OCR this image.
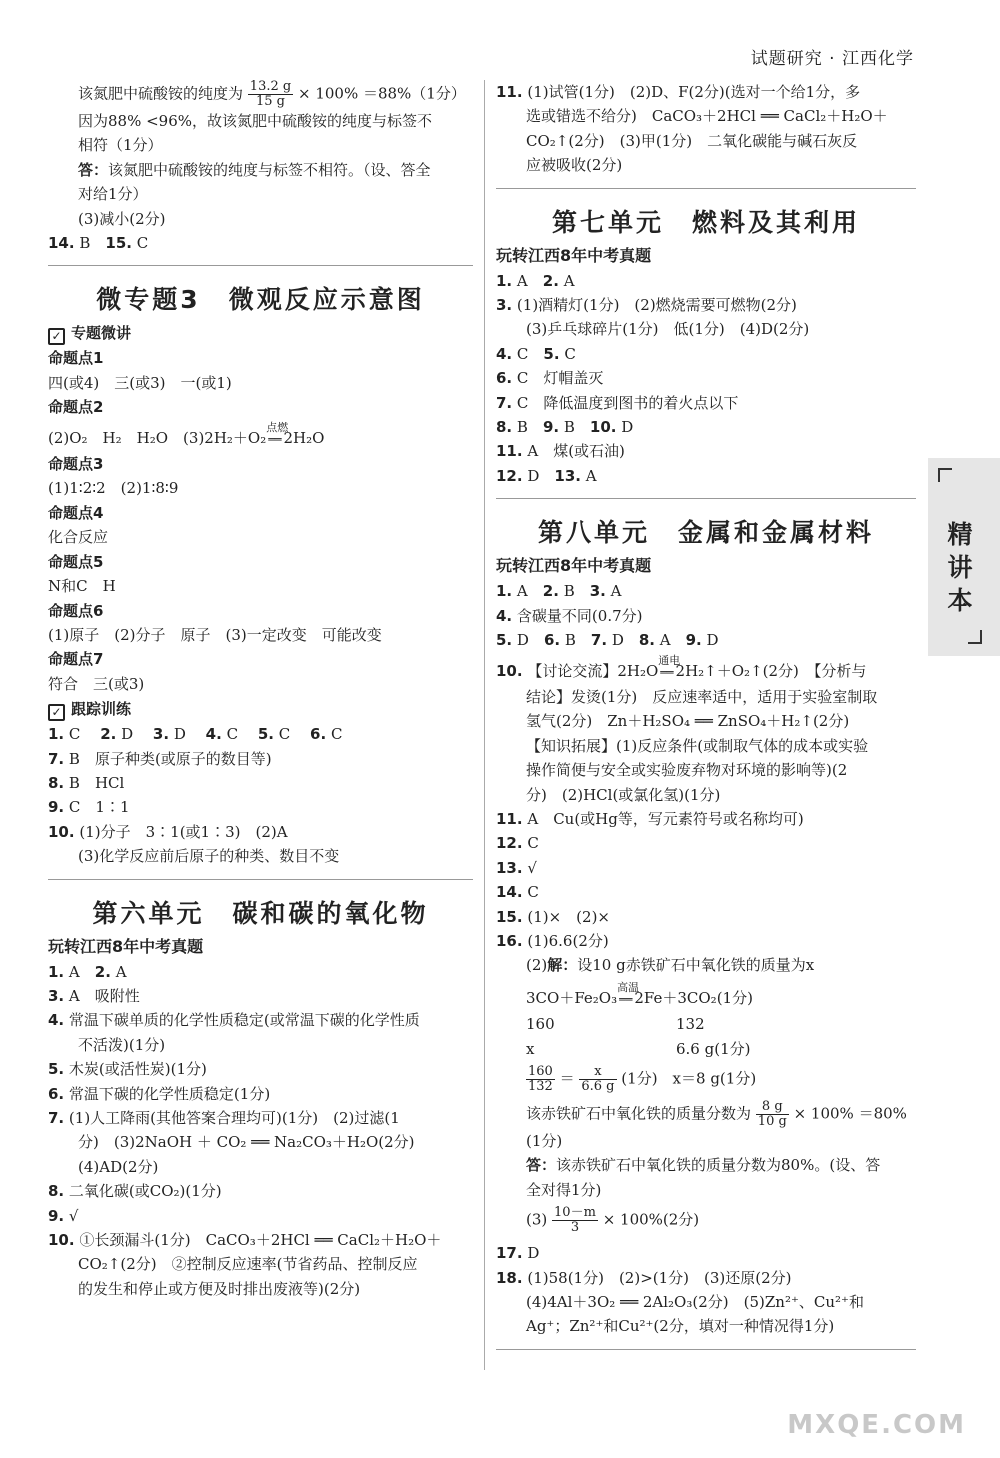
试题研究 · 江西化学
该氮肥中硫酸铵的纯度为 $\frac{13.2 g}{15 g} \times 100\% =88\%(1$分）
因为88% <96%，故该氮肥中硫酸铵的纯度与标签不
相符（1分）
答：该氮肥中硫酸铵的纯度与标签不相符。（设、答全
对给1分）
(3)减小(2分)
14. B　 15. C
微专题3　微观反应示意图
✓ 专题微讲
命题点1
四(或4)　三(或3)　一(或1)
命题点2
(2)O₂　H₂　H₂O　(3)2H₂＋O₂
点燃
══ 2H₂O
命题点3
(1)1∶2∶2　(2)1∶8∶9
命题点4
化合反应
命题点5
N和C　H
命题点6
(1)原子　(2)分子　原子　(3)一定改变　可能改变
命题点7
符合　三(或3)
✓ 跟踪训练
1. C　 2. D　 3. D　 4. C　 5. C　 6. C
7. B　原子种类(或原子的数目等)
8. B　HCl
9. C　1∶1
10. (1)分子　3∶1(或1∶3)　(2)A
(3)化学反应前后原子的种类、数目不变
第六单元　碳和碳的氧化物
玩转江西8年中考真题
1. A　2. A
3. A　吸附性
4. 常温下碳单质的化学性质稳定(或常温下碳的化学性质
不活泼)(1分)
5. 木炭(或活性炭)(1分)
6. 常温下碳的化学性质稳定(1分)
7. (1)人工降雨(其他答案合理均可)(1分)　(2)过滤(1
分)　(3)2NaOH ＋ CO₂ ══ Na₂CO₃＋H₂O(2分)
(4)AD(2分)
8. 二氧化碳(或CO₂)(1分)
9. √
10. ①长颈漏斗(1分)　CaCO₃＋2HCl ══ CaCl₂＋H₂O＋
CO₂↑(2分)　②控制反应速率(节省药品、控制反应
的发生和停止或方便及时排出废液等)(2分)
11. (1)试管(1分)　(2)D、F(2分)(选对一个给1分，多
选或错选不给分)　CaCO₃＋2HCl ══ CaCl₂＋H₂O＋
CO₂↑(2分)　(3)甲(1分)　二氧化碳能与碱石灰反
应被吸收(2分)
第七单元　燃料及其利用
玩转江西8年中考真题
1. A　2. A
3. (1)酒精灯(1分)　(2)燃烧需要可燃物(2分)
(3)乒乓球碎片(1分)　低(1分)　(4)D(2分)
4. C　5. C
6. C　灯帽盖灭
7. C　降低温度到图书的着火点以下
8. B　9. B　10. D
11. A　煤(或石油)
12. D　13. A
第八单元　金属和金属材料
玩转江西8年中考真题
1. A　2. B　3. A
4. 含碳量不同(0.7分)
5. D　6. B　7. D　8. A　9. D
10. 【讨论交流】2H₂O
通电
══ 2H₂↑＋O₂↑(2分)　【分析与
结论】发烫(1分)　反应速率适中，适用于实验室制取
氢气(2分)　Zn＋H₂SO₄ ══ ZnSO₄＋H₂↑(2分)
【知识拓展】(1)反应条件(或制取气体的成本或实验
操作简便与安全或实验废弃物对环境的影响等)(2
分)　(2)HCl(或氯化氢)(1分)
11. A　Cu(或Hg等，写元素符号或名称均可)
12. C
13. √
14. C
15. (1)×　(2)×
16. (1)6.6(2分)
(2)解：设10 g赤铁矿石中氧化铁的质量为x
3CO＋Fe₂O₃
高温
══ 2Fe＋3CO₂(1分)
160	132
x	6.6 g(1分)
$\frac{160}{132} = \frac{x}{6.6 g} (1$分)　x＝8 g(1分)
该赤铁矿石中氧化铁的质量分数为 $\frac{8 g}{10 g} \times 100\% =80\%$
(1分)
答：该赤铁矿石中氧化铁的质量分数为80%。(设、答
全对得1分)
$(3) \frac{10-m}{3} \times 100\%(2$分)
17. D
18. (1)58(1分)　(2)>(1分)　(3)还原(2分)
(4)4Al＋3O₂ ══ 2Al₂O₃(2分)　(5)Zn²⁺、Cu²⁺和
Ag⁺；Zn²⁺和Cu²⁺(2分，填对一种情况得1分)
精
讲
本
MXQE.COM
